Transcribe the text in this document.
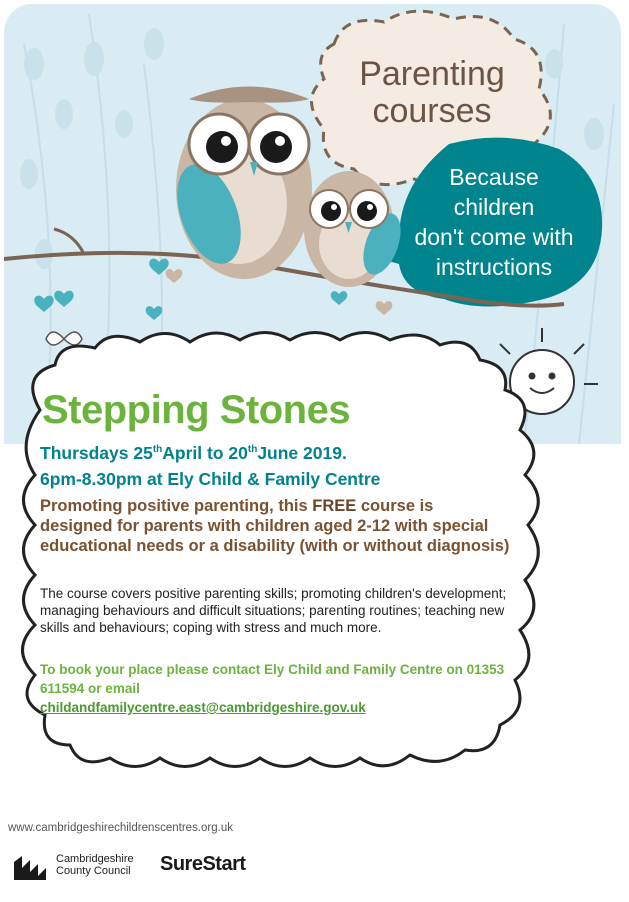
Parenting
courses
Because
children
don't come with
instructions
Stepping Stones
Thursdays 25thApril to 20thJune 2019.
6pm-8.30pm at Ely Child & Family Centre
Promoting positive parenting, this FREE course is designed for parents with children aged 2-12 with special educational needs or a disability (with or without diagnosis)
The course covers positive parenting skills; promoting children's development; managing behaviours and difficult situations; parenting routines; teaching new skills and behaviours; coping with stress and much more.
To book your place please contact Ely Child and Family Centre on 01353 611594 or email
childandfamilycentre.east@cambridgeshire.gov.uk
www.cambridgeshirechildrenscentres.org.uk
Cambridgeshire
County Council SureStart
